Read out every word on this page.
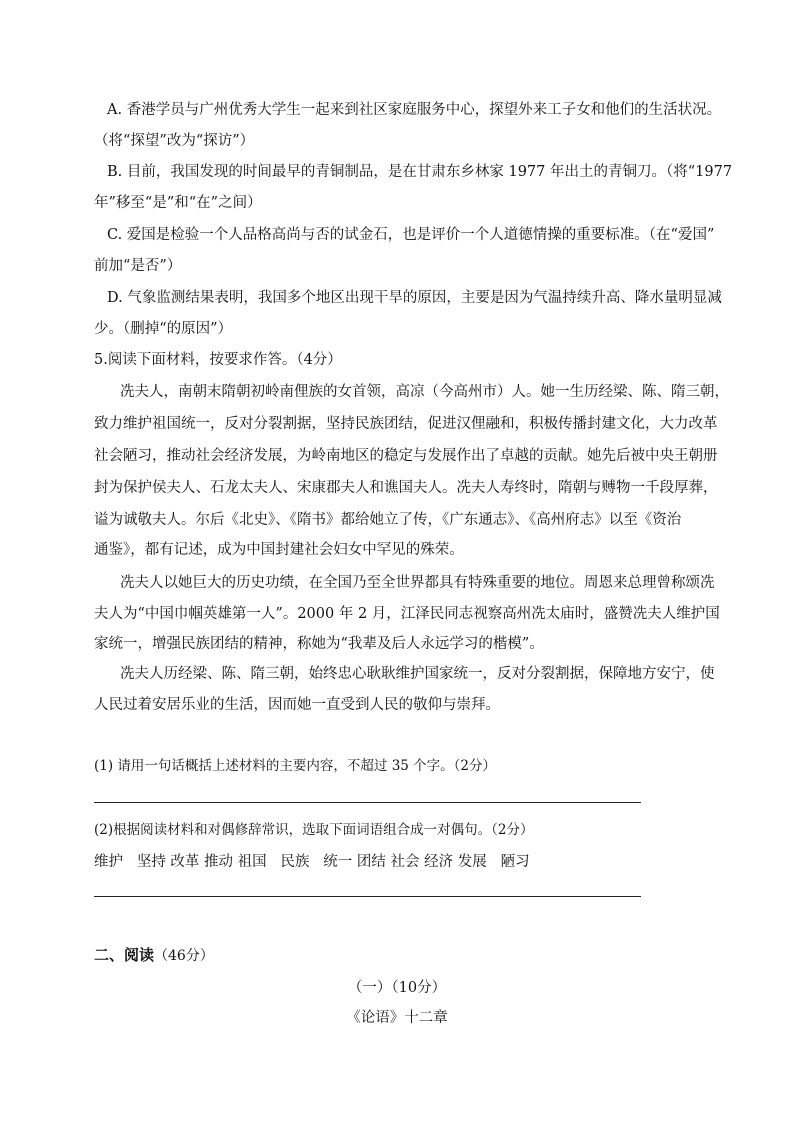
A. 香港学员与广州优秀大学生一起来到社区家庭服务中心，探望外来工子女和他们的生活状况。
（将“探望”改为“探访”）
B. 目前，我国发现的时间最早的青铜制品，是在甘肃东乡林家 1977 年出土的青铜刀。（将“1977
年”移至“是”和“在”之间）
C. 爱国是检验一个人品格高尚与否的试金石，也是评价一个人道德情操的重要标准。（在“爱国”
前加“是否”）
D. 气象监测结果表明，我国多个地区出现干旱的原因，主要是因为气温持续升高、降水量明显减
少。（删掉“的原因”）
5.阅读下面材料，按要求作答。（4分）
冼夫人，南朝末隋朝初岭南俚族的女首领，高凉（今高州市）人。她一生历经梁、陈、隋三朝，
致力维护祖国统一，反对分裂割据，坚持民族团结，促进汉俚融和，积极传播封建文化，大力改革
社会陋习，推动社会经济发展，为岭南地区的稳定与发展作出了卓越的贡献。她先后被中央王朝册
封为保护侯夫人、石龙太夫人、宋康郡夫人和谯国夫人。冼夫人寿终时，隋朝与赙物一千段厚葬，
谥为诚敬夫人。尔后《北史》、《隋书》都给她立了传，《广东通志》、《高州府志》以至《资治
通鉴》，都有记述，成为中国封建社会妇女中罕见的殊荣。
冼夫人以她巨大的历史功绩，在全国乃至全世界都具有特殊重要的地位。周恩来总理曾称颂冼
夫人为“中国巾帼英雄第一人”。2000 年 2 月，江泽民同志视察高州冼太庙时，盛赞冼夫人维护国
家统一，增强民族团结的精神，称她为“我辈及后人永远学习的楷模”。
冼夫人历经梁、陈、隋三朝，始终忠心耿耿维护国家统一，反对分裂割据，保障地方安宁，使
人民过着安居乐业的生活，因而她一直受到人民的敬仰与崇拜。
(1) 请用一句话概括上述材料的主要内容，不超过 35 个字。（2分）
(2)根据阅读材料和对偶修辞常识，选取下面词语组合成一对偶句。（2分）
维护   坚持 改革 推动 祖国   民族   统一 团结 社会 经济 发展   陋习
二、阅读（46分）
（一）（10分）
《论语》十二章
